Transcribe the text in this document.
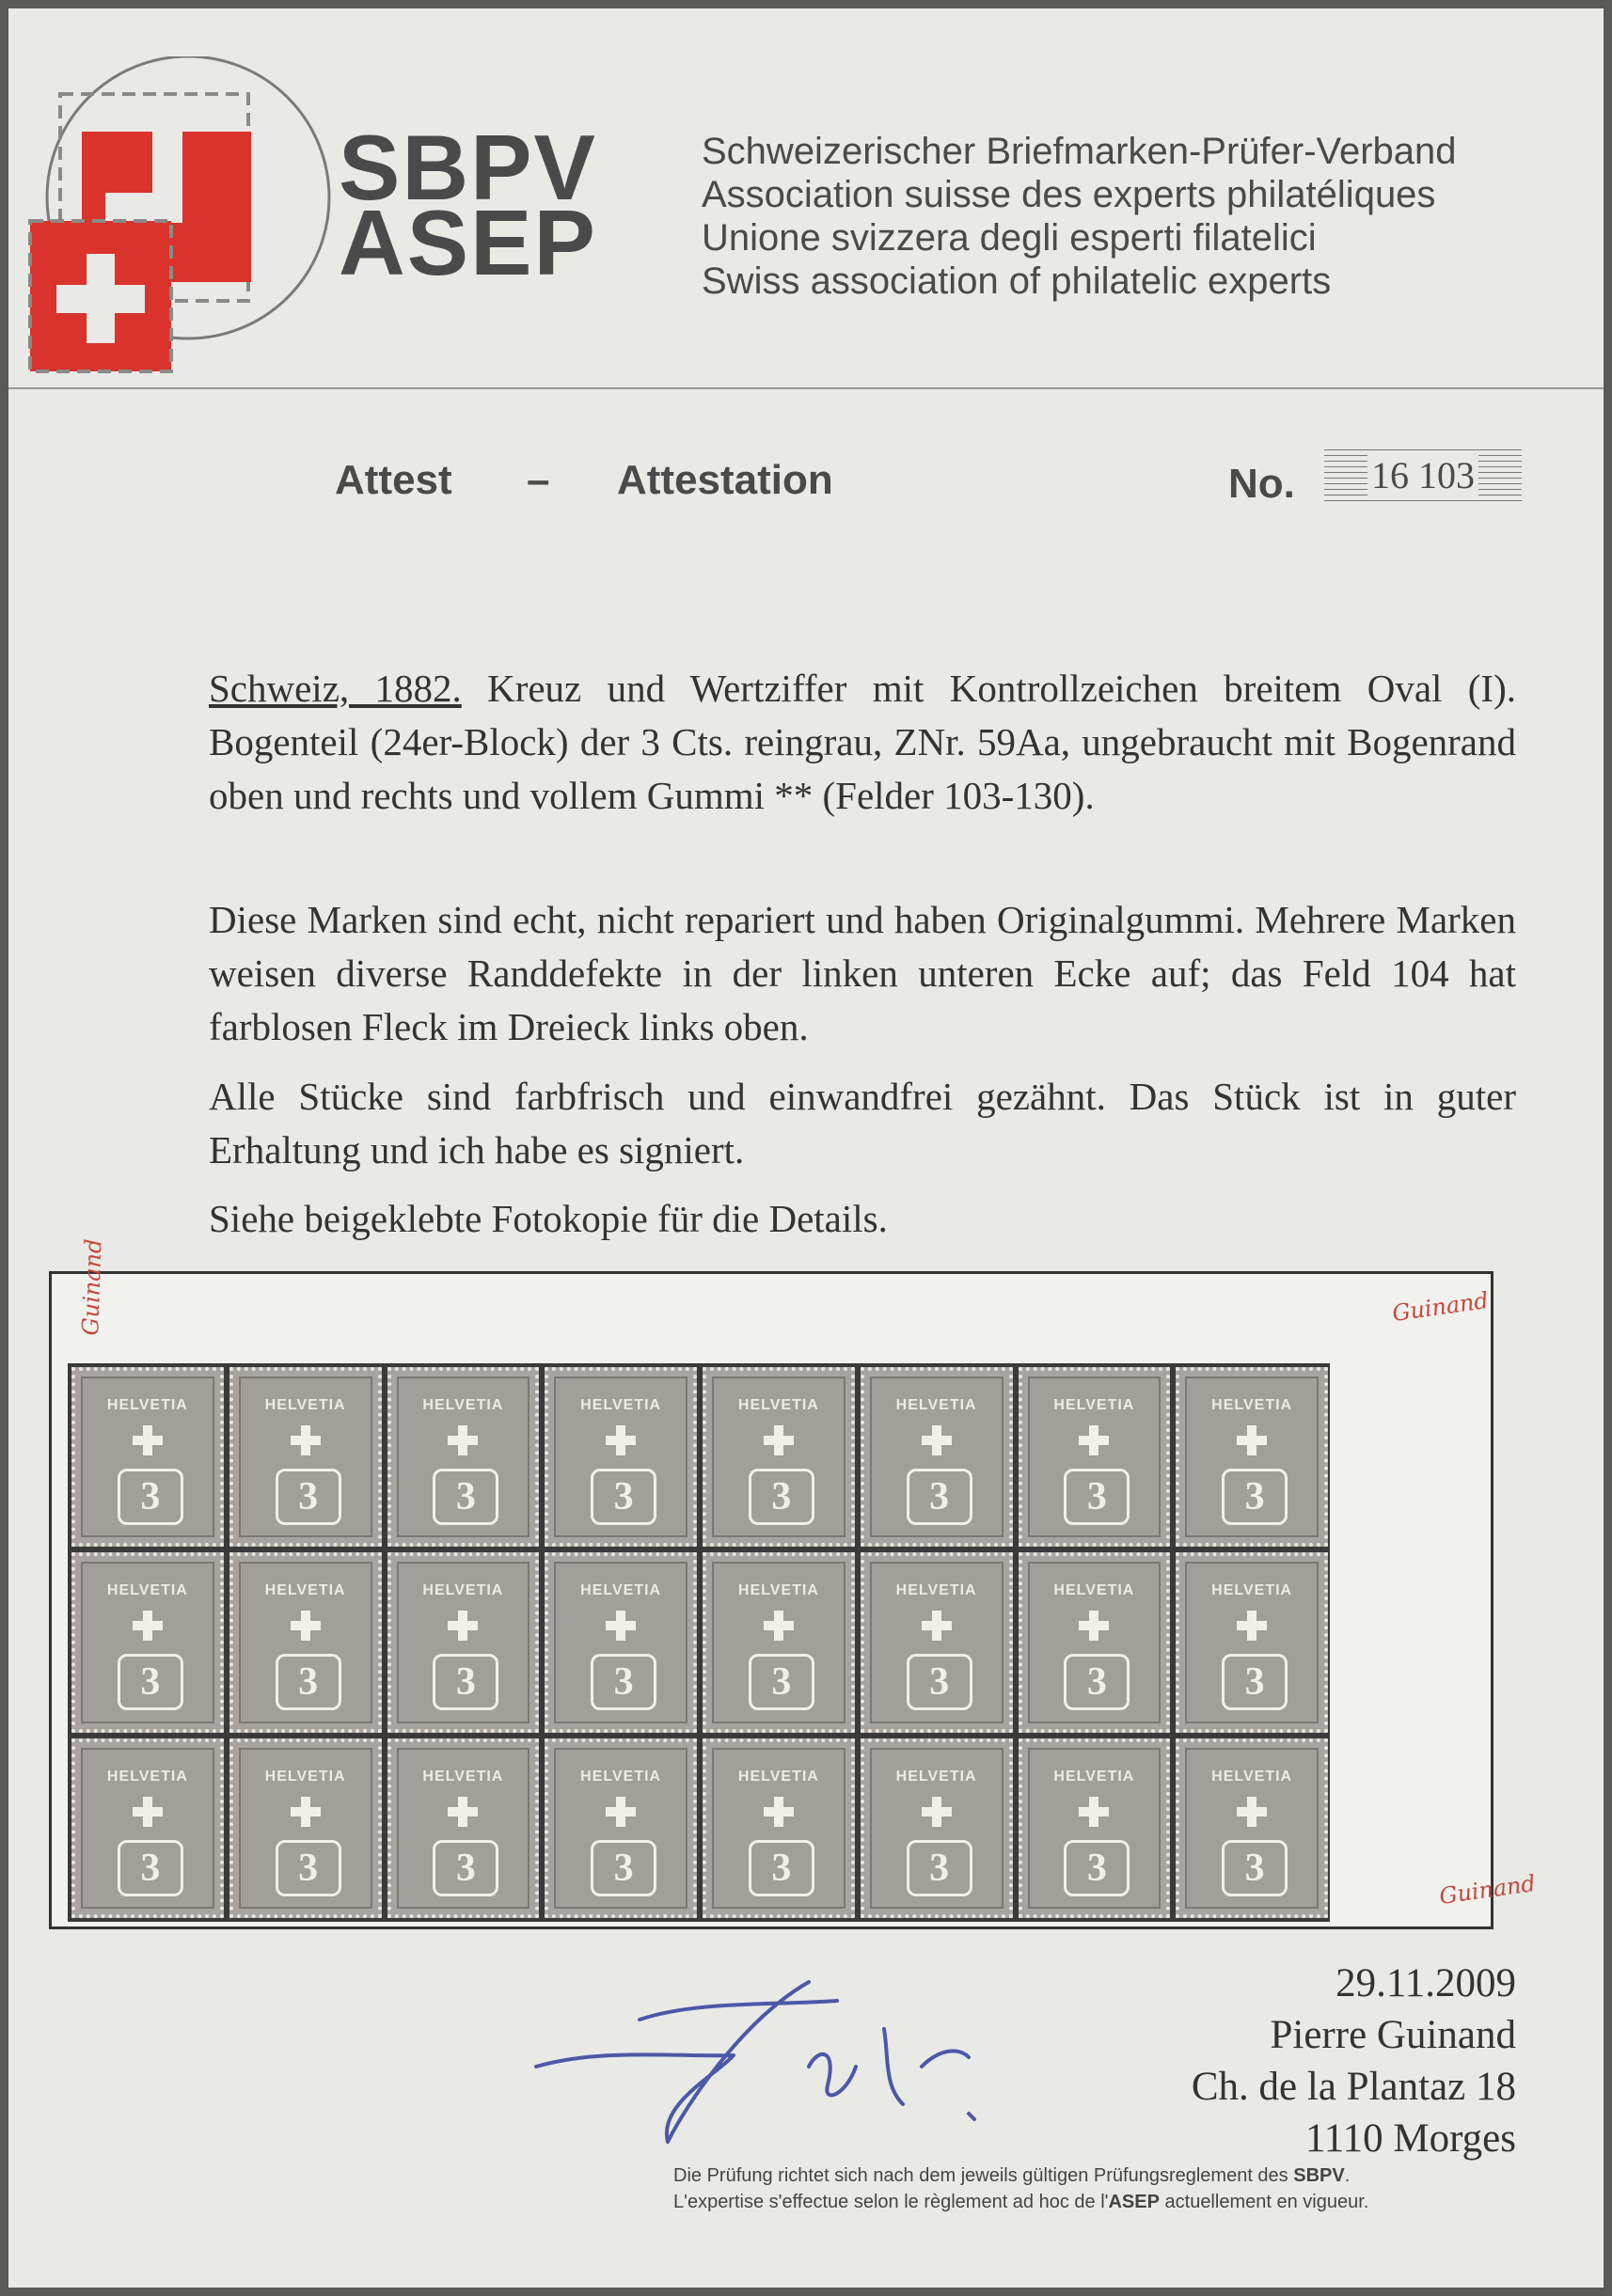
SBPV
ASEP
Schweizerischer Briefmarken-Prüfer-Verband
Association suisse des experts philatéliques
Unione svizzera degli esperti filatelici
Swiss association of philatelic experts
Attest – Attestation	No.	16 103
Schweiz, 1882. Kreuz und Wertziffer mit Kontrollzeichen breitem Oval (I). Bogenteil (24er-Block) der 3 Cts. reingrau, ZNr. 59Aa, ungebraucht mit Bogenrand oben und rechts und vollem Gummi ** (Felder 103-130).
Diese Marken sind echt, nicht repariert und haben Originalgummi. Mehrere Marken weisen diverse Randdefekte in der linken unteren Ecke auf; das Feld 104 hat farblosen Fleck im Dreieck links oben.
Alle Stücke sind farbfrisch und einwandfrei gezähnt. Das Stück ist in guter Erhaltung und ich habe es signiert.
Siehe beigeklebte Fotokopie für die Details.
HELVETIA
3
HELVETIA
3
HELVETIA
3
HELVETIA
3
HELVETIA
3
HELVETIA
3
HELVETIA
3
HELVETIA
3
HELVETIA
3
HELVETIA
3
HELVETIA
3
HELVETIA
3
HELVETIA
3
HELVETIA
3
HELVETIA
3
HELVETIA
3
HELVETIA
3
HELVETIA
3
HELVETIA
3
HELVETIA
3
HELVETIA
3
HELVETIA
3
HELVETIA
3
HELVETIA
3
Guinand	Guinand
Guinand
29.11.2009
Pierre Guinand
Ch. de la Plantaz 18
1110 Morges
Die Prüfung richtet sich nach dem jeweils gültigen Prüfungsreglement des SBPV.
L'expertise s'effectue selon le règlement ad hoc de l'ASEP actuellement en vigueur.
